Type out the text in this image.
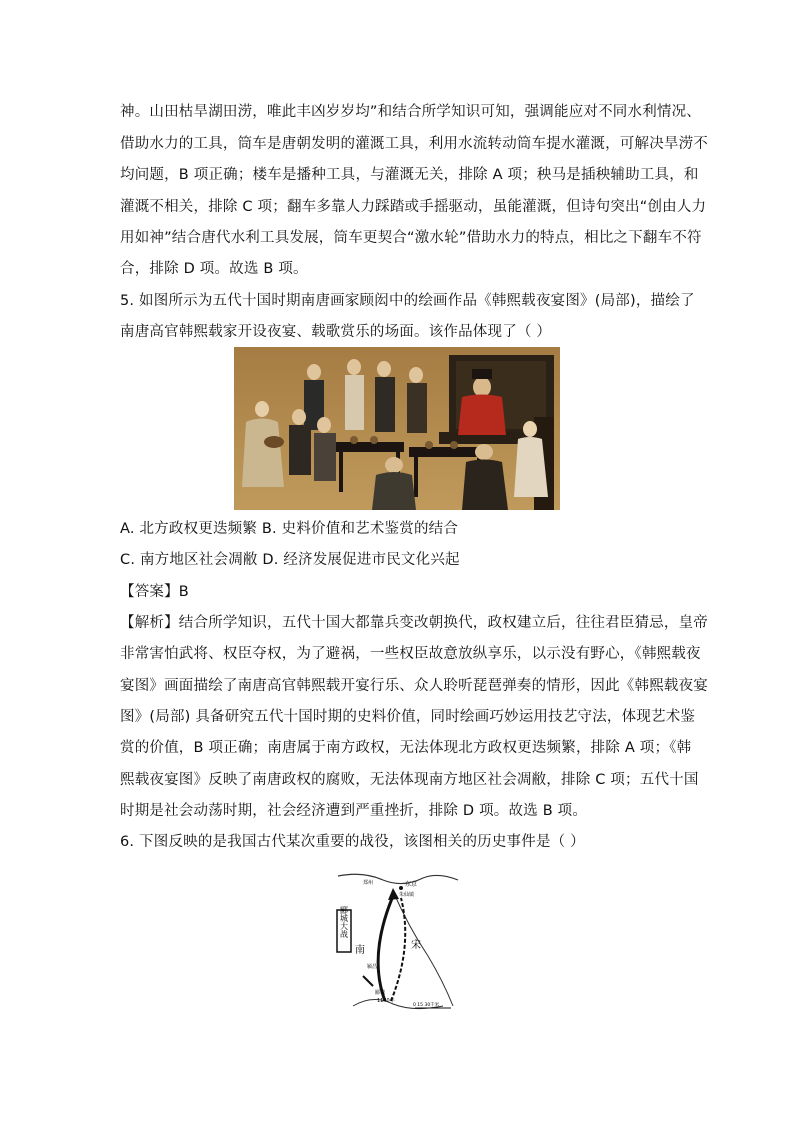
神。山田枯旱湖田涝，唯此丰凶岁岁均”和结合所学知识可知，强调能应对不同水利情况、
借助水力的工具，筒车是唐朝发明的灌溉工具，利用水流转动筒车提水灌溉，可解决旱涝不
均问题，B 项正确；楼车是播种工具，与灌溉无关，排除 A 项；秧马是插秧辅助工具，和
灌溉不相关，排除 C 项；翻车多靠人力踩踏或手摇驱动，虽能灌溉，但诗句突出“创由人力
用如神”结合唐代水利工具发展，筒车更契合“激水轮”借助水力的特点，相比之下翻车不符
合，排除 D 项。故选 B 项。
5. 如图所示为五代十国时期南唐画家顾闳中的绘画作品《韩熙载夜宴图》(局部)，描绘了
南唐高官韩熙载家开设夜宴、载歌赏乐的场面。该作品体现了（ ）
A. 北方政权更迭频繁 B. 史料价值和艺术鉴赏的结合
C. 南方地区社会凋敝 D. 经济发展促进市民文化兴起
【答案】B
【解析】结合所学知识，五代十国大都靠兵变改朝换代，政权建立后，往往君臣猜忌，皇帝
非常害怕武将、权臣夺权，为了避祸，一些权臣故意放纵享乐，以示没有野心，《韩熙载夜
宴图》画面描绘了南唐高官韩熙载开宴行乐、众人聆听琵琶弹奏的情形，因此《韩熙载夜宴
图》(局部) 具备研究五代十国时期的史料价值，同时绘画巧妙运用技艺守法，体现艺术鉴
赏的价值，B 项正确；南唐属于南方政权，无法体现北方政权更迭频繁，排除 A 项；《韩
熙载夜宴图》反映了南唐政权的腐败，无法体现南方地区社会凋敝，排除 C 项；五代十国
时期是社会动荡时期，社会经济遭到严重挫折，排除 D 项。故选 B 项。
6. 下图反映的是我国古代某次重要的战役，该图相关的历史事件是（ ）
郾城大战
东京
朱仙镇
郑州
颍昌
郾城
1140年
南	宋
0 15 30千米
